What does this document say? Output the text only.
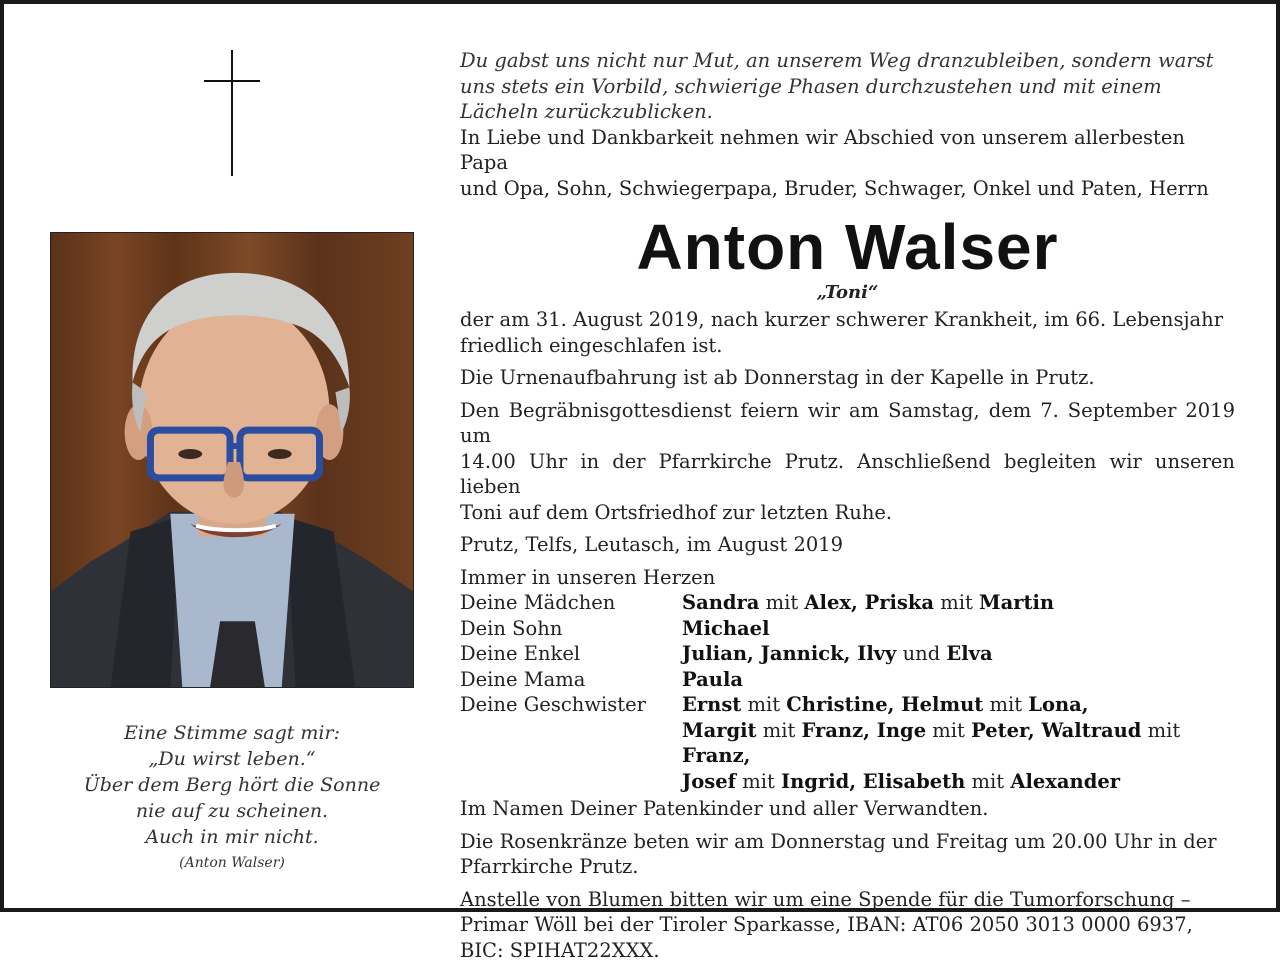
Eine Stimme sagt mir:
„Du wirst leben.“
Über dem Berg hört die Sonne
nie auf zu scheinen.
Auch in mir nicht.
(Anton Walser)
Du gabst uns nicht nur Mut, an unserem Weg dranzubleiben, sondern warst
uns stets ein Vorbild, schwierige Phasen durchzustehen und mit einem
Lächeln zurückzublicken.
In Liebe und Dankbarkeit nehmen wir Abschied von unserem allerbesten Papa
und Opa, Sohn, Schwiegerpapa, Bruder, Schwager, Onkel und Paten, Herrn
Anton Walser
„Toni“
der am 31. August 2019, nach kurzer schwerer Krankheit, im 66. Lebensjahr
friedlich eingeschlafen ist.
Die Urnenaufbahrung ist ab Donnerstag in der Kapelle in Prutz.
Den Begräbnisgottesdienst feiern wir am Samstag, dem 7. September 2019 um
14.00 Uhr in der Pfarrkirche Prutz. Anschließend begleiten wir unseren lieben
Toni auf dem Ortsfriedhof zur letzten Ruhe.
Prutz, Telfs, Leutasch, im August 2019
Immer in unseren Herzen
Deine Mädchen	Sandra mit Alex, Priska mit Martin
Dein Sohn	Michael
Deine Enkel	Julian, Jannick, Ilvy und Elva
Deine Mama	Paula
Deine Geschwister	Ernst mit Christine, Helmut mit Lona,
Margit mit Franz, Inge mit Peter, Waltraud mit Franz,
Josef mit Ingrid, Elisabeth mit Alexander
Im Namen Deiner Patenkinder und aller Verwandten.
Die Rosenkränze beten wir am Donnerstag und Freitag um 20.00 Uhr in der
Pfarrkirche Prutz.
Anstelle von Blumen bitten wir um eine Spende für die Tumorforschung –
Primar Wöll bei der Tiroler Sparkasse, IBAN: AT06 2050 3013 0000 6937,
BIC: SPIHAT22XXX.
